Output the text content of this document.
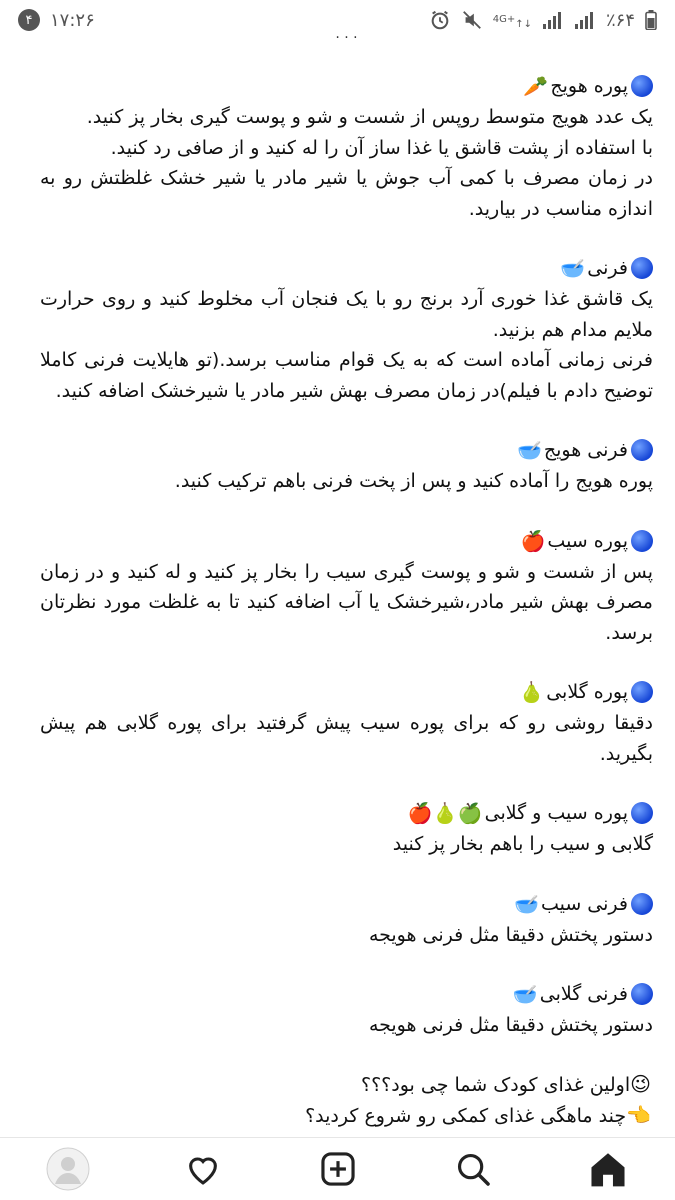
۴ ۱۷:۲۶	4G+ ↑↓	٪۶۴
· · ·
پوره هویج
🥕
یک عدد هویج متوسط روپس از شست و شو و پوست گیری بخار پز کنید.
با استفاده از پشت قاشق یا غذا ساز آن را له کنید و از صافی رد کنید.
در زمان مصرف با کمی آب جوش یا شیر مادر یا شیر خشک غلظتش رو به اندازه مناسب در بیارید.
فرنی
🥣
یک قاشق غذا خوری آرد برنج رو با یک فنجان آب مخلوط کنید و روی حرارت ملایم مدام هم بزنید.
فرنی زمانی آماده است که به یک قوام مناسب برسد.(تو هایلایت فرنی کاملا توضیح دادم با فیلم)در زمان مصرف بهش شیر مادر یا شیرخشک اضافه کنید.
فرنی هویج
🥣
پوره هویج را آماده کنید و پس از پخت فرنی باهم ترکیب کنید.
پوره سیب
🍎
پس از شست و شو و پوست گیری سیب را بخار پز کنید و له کنید و در زمان مصرف بهش شیر مادر،شیرخشک یا آب اضافه کنید تا به غلظت مورد نظرتان برسد.
پوره گلابی
🍐
دقیقا روشی رو که برای پوره سیب پیش گرفتید برای پوره گلابی هم پیش بگیرید.
پوره سیب و گلابی
🍏🍐🍎
گلابی و سیب را باهم بخار پز کنید
فرنی سیب
🥣
دستور پختش دقیقا مثل فرنی هویجه
فرنی گلابی
🥣
دستور پختش دقیقا مثل فرنی هویجه
😉اولین غذای کودک شما چی بود؟؟؟
👈چند ماهگی غذای کمکی رو شروع کردید؟
